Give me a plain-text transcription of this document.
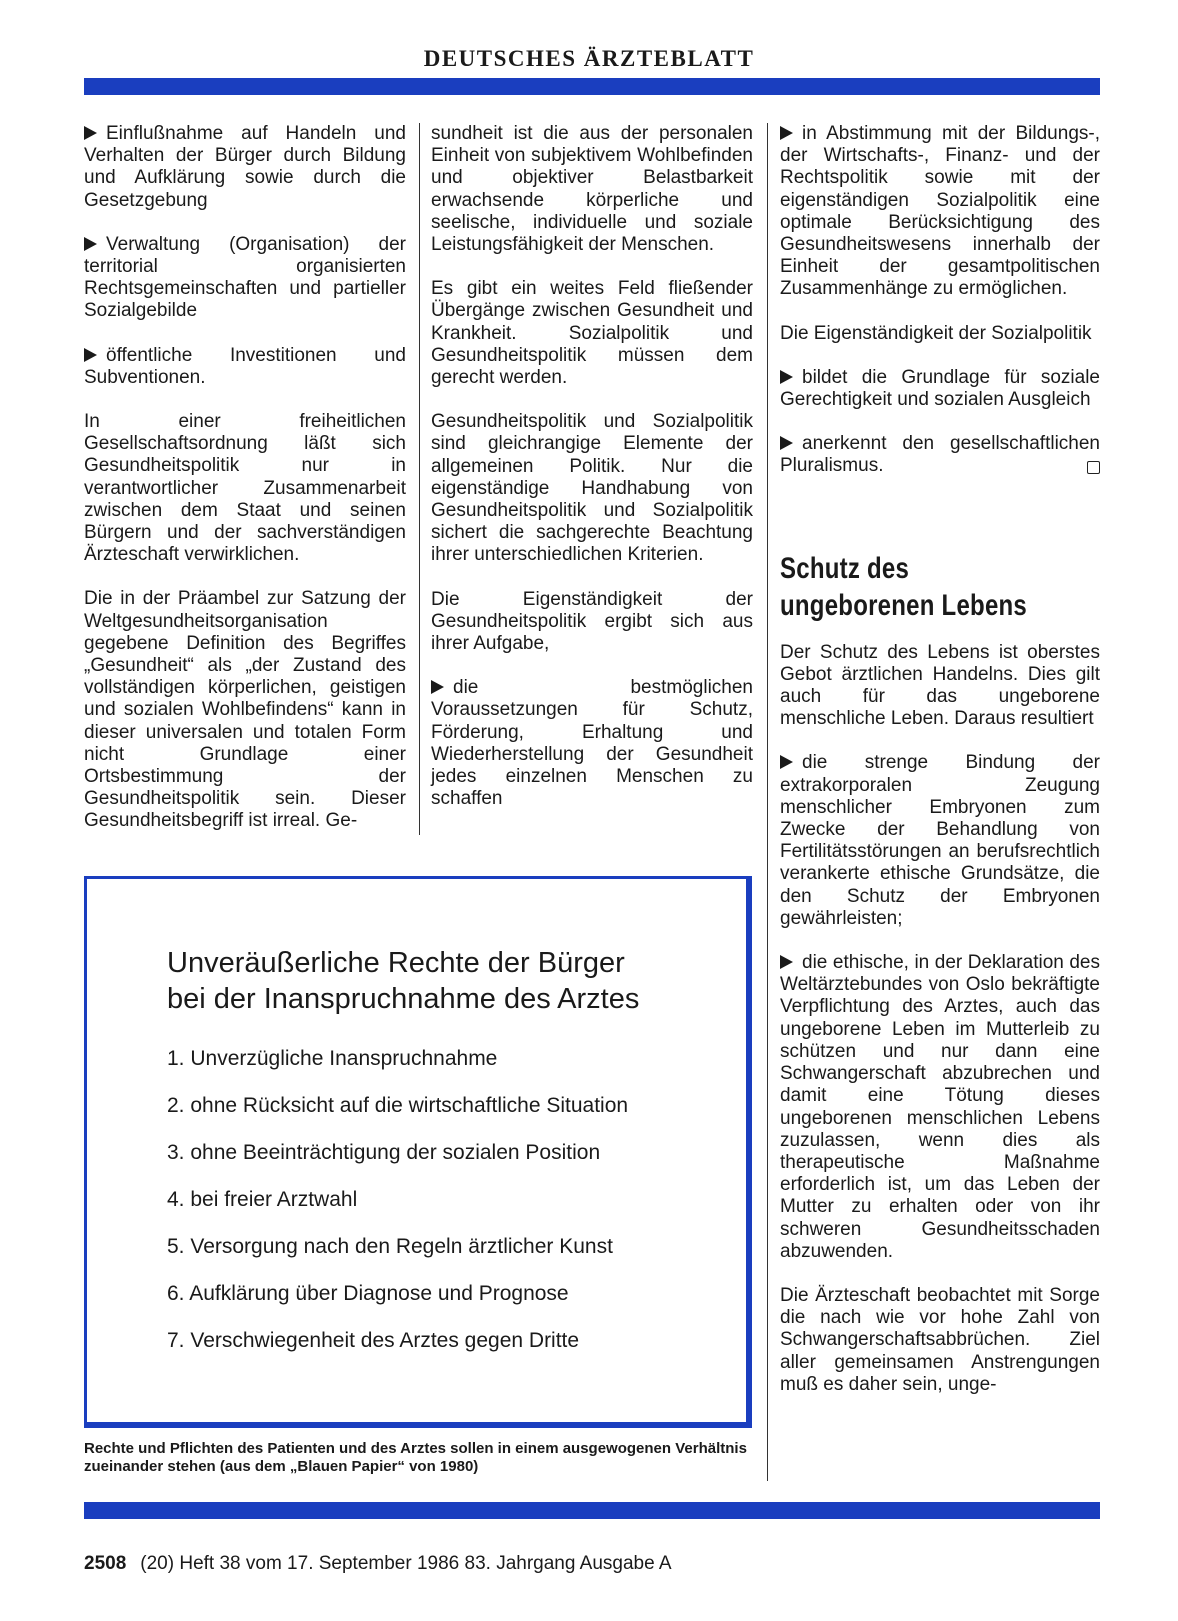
DEUTSCHES ÄRZTEBLATT

Einflußnahme auf Handeln und Verhalten der Bürger durch Bildung und Aufklärung sowie durch die Gesetzgebung

Verwaltung (Organisation) der territorial organisierten Rechtsgemeinschaften und partieller Sozialgebilde

öffentliche Investitionen und Subventionen.

In einer freiheitlichen Gesellschaftsordnung läßt sich Gesundheitspolitik nur in verantwortlicher Zusammenarbeit zwischen dem Staat und seinen Bürgern und der sachverständigen Ärzteschaft verwirklichen.

Die in der Präambel zur Satzung der Weltgesundheitsorganisation gegebene Definition des Begriffes „Gesundheit“ als „der Zustand des vollständigen körperlichen, geistigen und sozialen Wohlbefindens“ kann in dieser universalen und totalen Form nicht Grundlage einer Ortsbestimmung der Gesundheitspolitik sein. Dieser Gesundheitsbegriff ist irreal. Ge-

sundheit ist die aus der personalen Einheit von subjektivem Wohlbefinden und objektiver Belastbarkeit erwachsende körperliche und seelische, individuelle und soziale Leistungsfähigkeit der Menschen.

Es gibt ein weites Feld fließender Übergänge zwischen Gesundheit und Krankheit. Sozialpolitik und Gesundheitspolitik müssen dem gerecht werden.

Gesundheitspolitik und Sozialpolitik sind gleichrangige Elemente der allgemeinen Politik. Nur die eigenständige Handhabung von Gesundheitspolitik und Sozialpolitik sichert die sachgerechte Beachtung ihrer unterschiedlichen Kriterien.

Die Eigenständigkeit der Gesundheitspolitik ergibt sich aus ihrer Aufgabe,

die bestmöglichen Voraussetzungen für Schutz, Förderung, Erhaltung und Wiederherstellung der Gesundheit jedes einzelnen Menschen zu schaffen

in Abstimmung mit der Bildungs-, der Wirtschafts-, Finanz- und der Rechtspolitik sowie mit der eigenständigen Sozialpolitik eine optimale Berücksichtigung des Gesundheitswesens innerhalb der Einheit der gesamtpolitischen Zusammenhänge zu ermöglichen.

Die Eigenständigkeit der Sozialpolitik

bildet die Grundlage für soziale Gerechtigkeit und sozialen Ausgleich

anerkennt den gesellschaftlichen Pluralismus.

Schutz des
ungeborenen Lebens

Der Schutz des Lebens ist oberstes Gebot ärztlichen Handelns. Dies gilt auch für das ungeborene menschliche Leben. Daraus resultiert

die strenge Bindung der extrakorporalen Zeugung menschlicher Embryonen zum Zwecke der Behandlung von Fertilitätsstörungen an berufsrechtlich verankerte ethische Grundsätze, die den Schutz der Embryonen gewährleisten;

die ethische, in der Deklaration des Weltärztebundes von Oslo bekräftigte Verpflichtung des Arztes, auch das ungeborene Leben im Mutterleib zu schützen und nur dann eine Schwangerschaft abzubrechen und damit eine Tötung dieses ungeborenen menschlichen Lebens zuzulassen, wenn dies als therapeutische Maßnahme erforderlich ist, um das Leben der Mutter zu erhalten oder von ihr schweren Gesundheitsschaden abzuwenden.

Die Ärzteschaft beobachtet mit Sorge die nach wie vor hohe Zahl von Schwangerschaftsabbrüchen. Ziel aller gemeinsamen Anstrengungen muß es daher sein, unge-

Unveräußerliche Rechte der Bürger
bei der Inanspruchnahme des Arztes
1. Unverzügliche Inanspruchnahme
2. ohne Rücksicht auf die wirtschaftliche Situation
3. ohne Beeinträchtigung der sozialen Position
4. bei freier Arztwahl
5. Versorgung nach den Regeln ärztlicher Kunst
6. Aufklärung über Diagnose und Prognose
7. Verschwiegenheit des Arztes gegen Dritte
Rechte und Pflichten des Patienten und des Arztes sollen in einem ausgewogenen Verhältnis zueinander stehen (aus dem „Blauen Papier“ von 1980)
2508 (20) Heft 38 vom 17. September 1986 83. Jahrgang Ausgabe A
